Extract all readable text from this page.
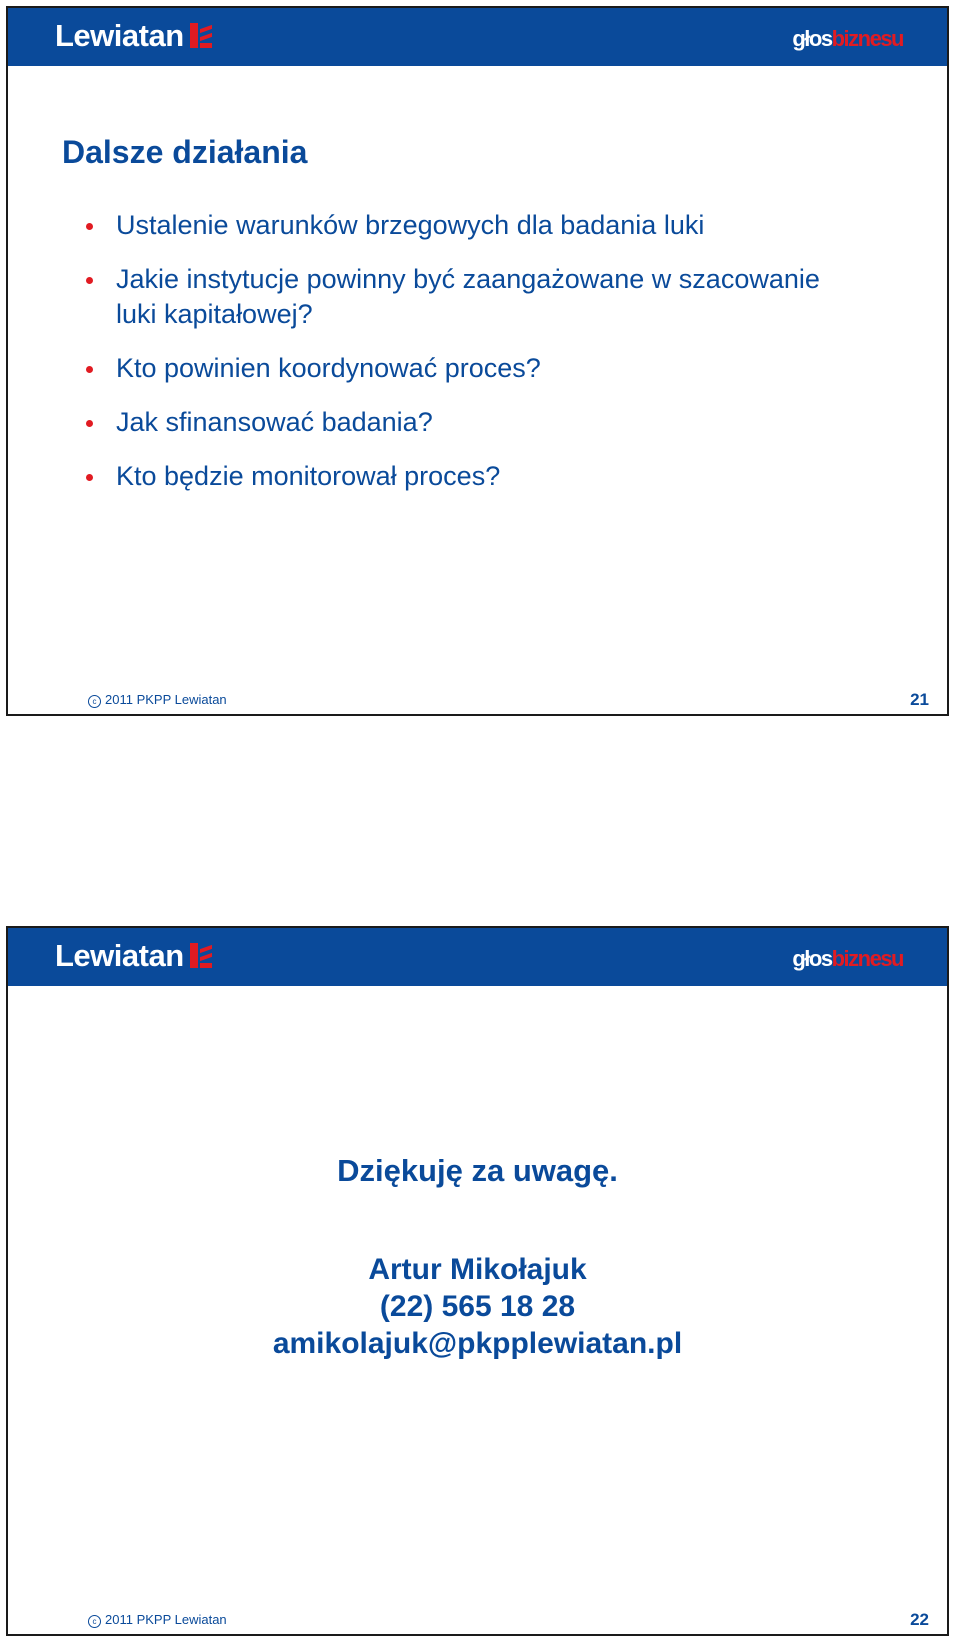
Lewiatan	głosbiznesu
Dalsze działania
Ustalenie warunków brzegowych dla badania luki
Jakie instytucje powinny być zaangażowane w szacowanie luki kapitałowej?
Kto powinien koordynować proces?
Jak sfinansować badania?
Kto będzie monitorował proces?
c 2011 PKPP Lewiatan	21
Lewiatan	głosbiznesu
Dziękuję za uwagę.
Artur Mikołajuk
(22) 565 18 28
amikolajuk@pkpplewiatan.pl
c 2011 PKPP Lewiatan	22
